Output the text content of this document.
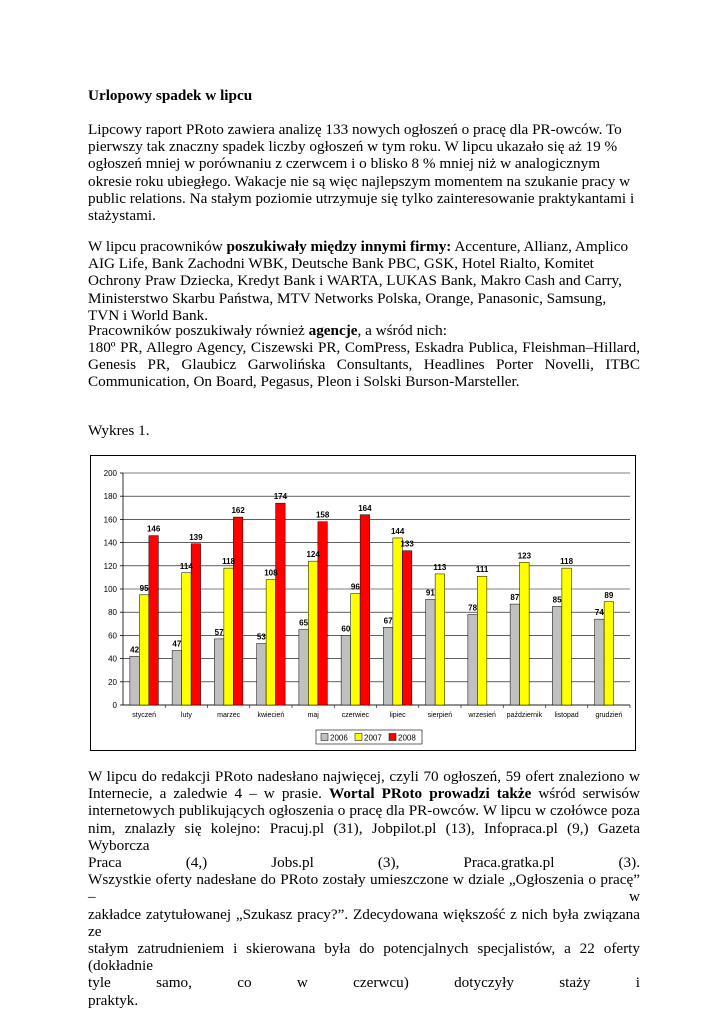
Urlopowy spadek w lipcu

Lipcowy raport PRoto zawiera analizę 133 nowych ogłoszeń o pracę dla PR-owców. To pierwszy tak znaczny spadek liczby ogłoszeń w tym roku. W lipcu ukazało się aż 19 % ogłoszeń mniej w porównaniu z czerwcem i o blisko 8 % mniej niż w analogicznym okresie roku ubiegłego. Wakacje nie są więc najlepszym momentem na szukanie pracy w public relations. Na stałym poziomie utrzymuje się tylko zainteresowanie praktykantami i stażystami.

W lipcu pracowników poszukiwały między innymi firmy: Accenture, Allianz, Amplico AIG Life, Bank Zachodni WBK, Deutsche Bank PBC, GSK, Hotel Rialto, Komitet Ochrony Praw Dziecka, Kredyt Bank i WARTA, LUKAS Bank, Makro Cash and Carry, Ministerstwo Skarbu Państwa, MTV Networks Polska, Orange, Panasonic, Samsung, TVN i World Bank.

Pracowników poszukiwały również agencje, a wśród nich:

180º PR, Allegro Agency, Ciszewski PR, ComPress, Eskadra Publica, Fleishman–Hillard, Genesis PR, Glaubicz Garwolińska Consultants, Headlines Porter Novelli, ITBC Communication, On Board, Pegasus, Pleon i Solski Burson-Marsteller.

Wykres 1.

0
20
40
60
80
100
120
140
160
180
200
styczeń
42
95
146
luty
47
114
139
marzec
57
118
162
kwiecień
53
108
174
maj
65
124
158
czerwiec
60
96
164
lipiec
67
144
133
sierpień
91
113
wrzesień
78
111
październik
87
123
listopad
85
118
grudzień
74
89
2006 2007 2008
W lipcu do redakcji PRoto nadesłano najwięcej, czyli 70 ogłoszeń, 59 ofert znaleziono w
Internecie, a zaledwie 4 – w prasie. Wortal PRoto prowadzi także wśród serwisów
internetowych publikujących ogłoszenia o pracę dla PR-owców. W lipcu w czołówce poza
nim, znalazły się kolejno: Pracuj.pl (31), Jobpilot.pl (13), Infopraca.pl (9,) Gazeta Wyborcza
Praca (4,) Jobs.pl (3), Praca.gratka.pl (3).
Wszystkie oferty nadesłane do PRoto zostały umieszczone w dziale „Ogłoszenia o pracę” – w
zakładce zatytułowanej „Szukasz pracy?”. Zdecydowana większość z nich była związana ze
stałym zatrudnieniem i skierowana była do potencjalnych specjalistów, a 22 oferty (dokładnie
tyle samo, co w czerwcu) dotyczyły staży i praktyk.
